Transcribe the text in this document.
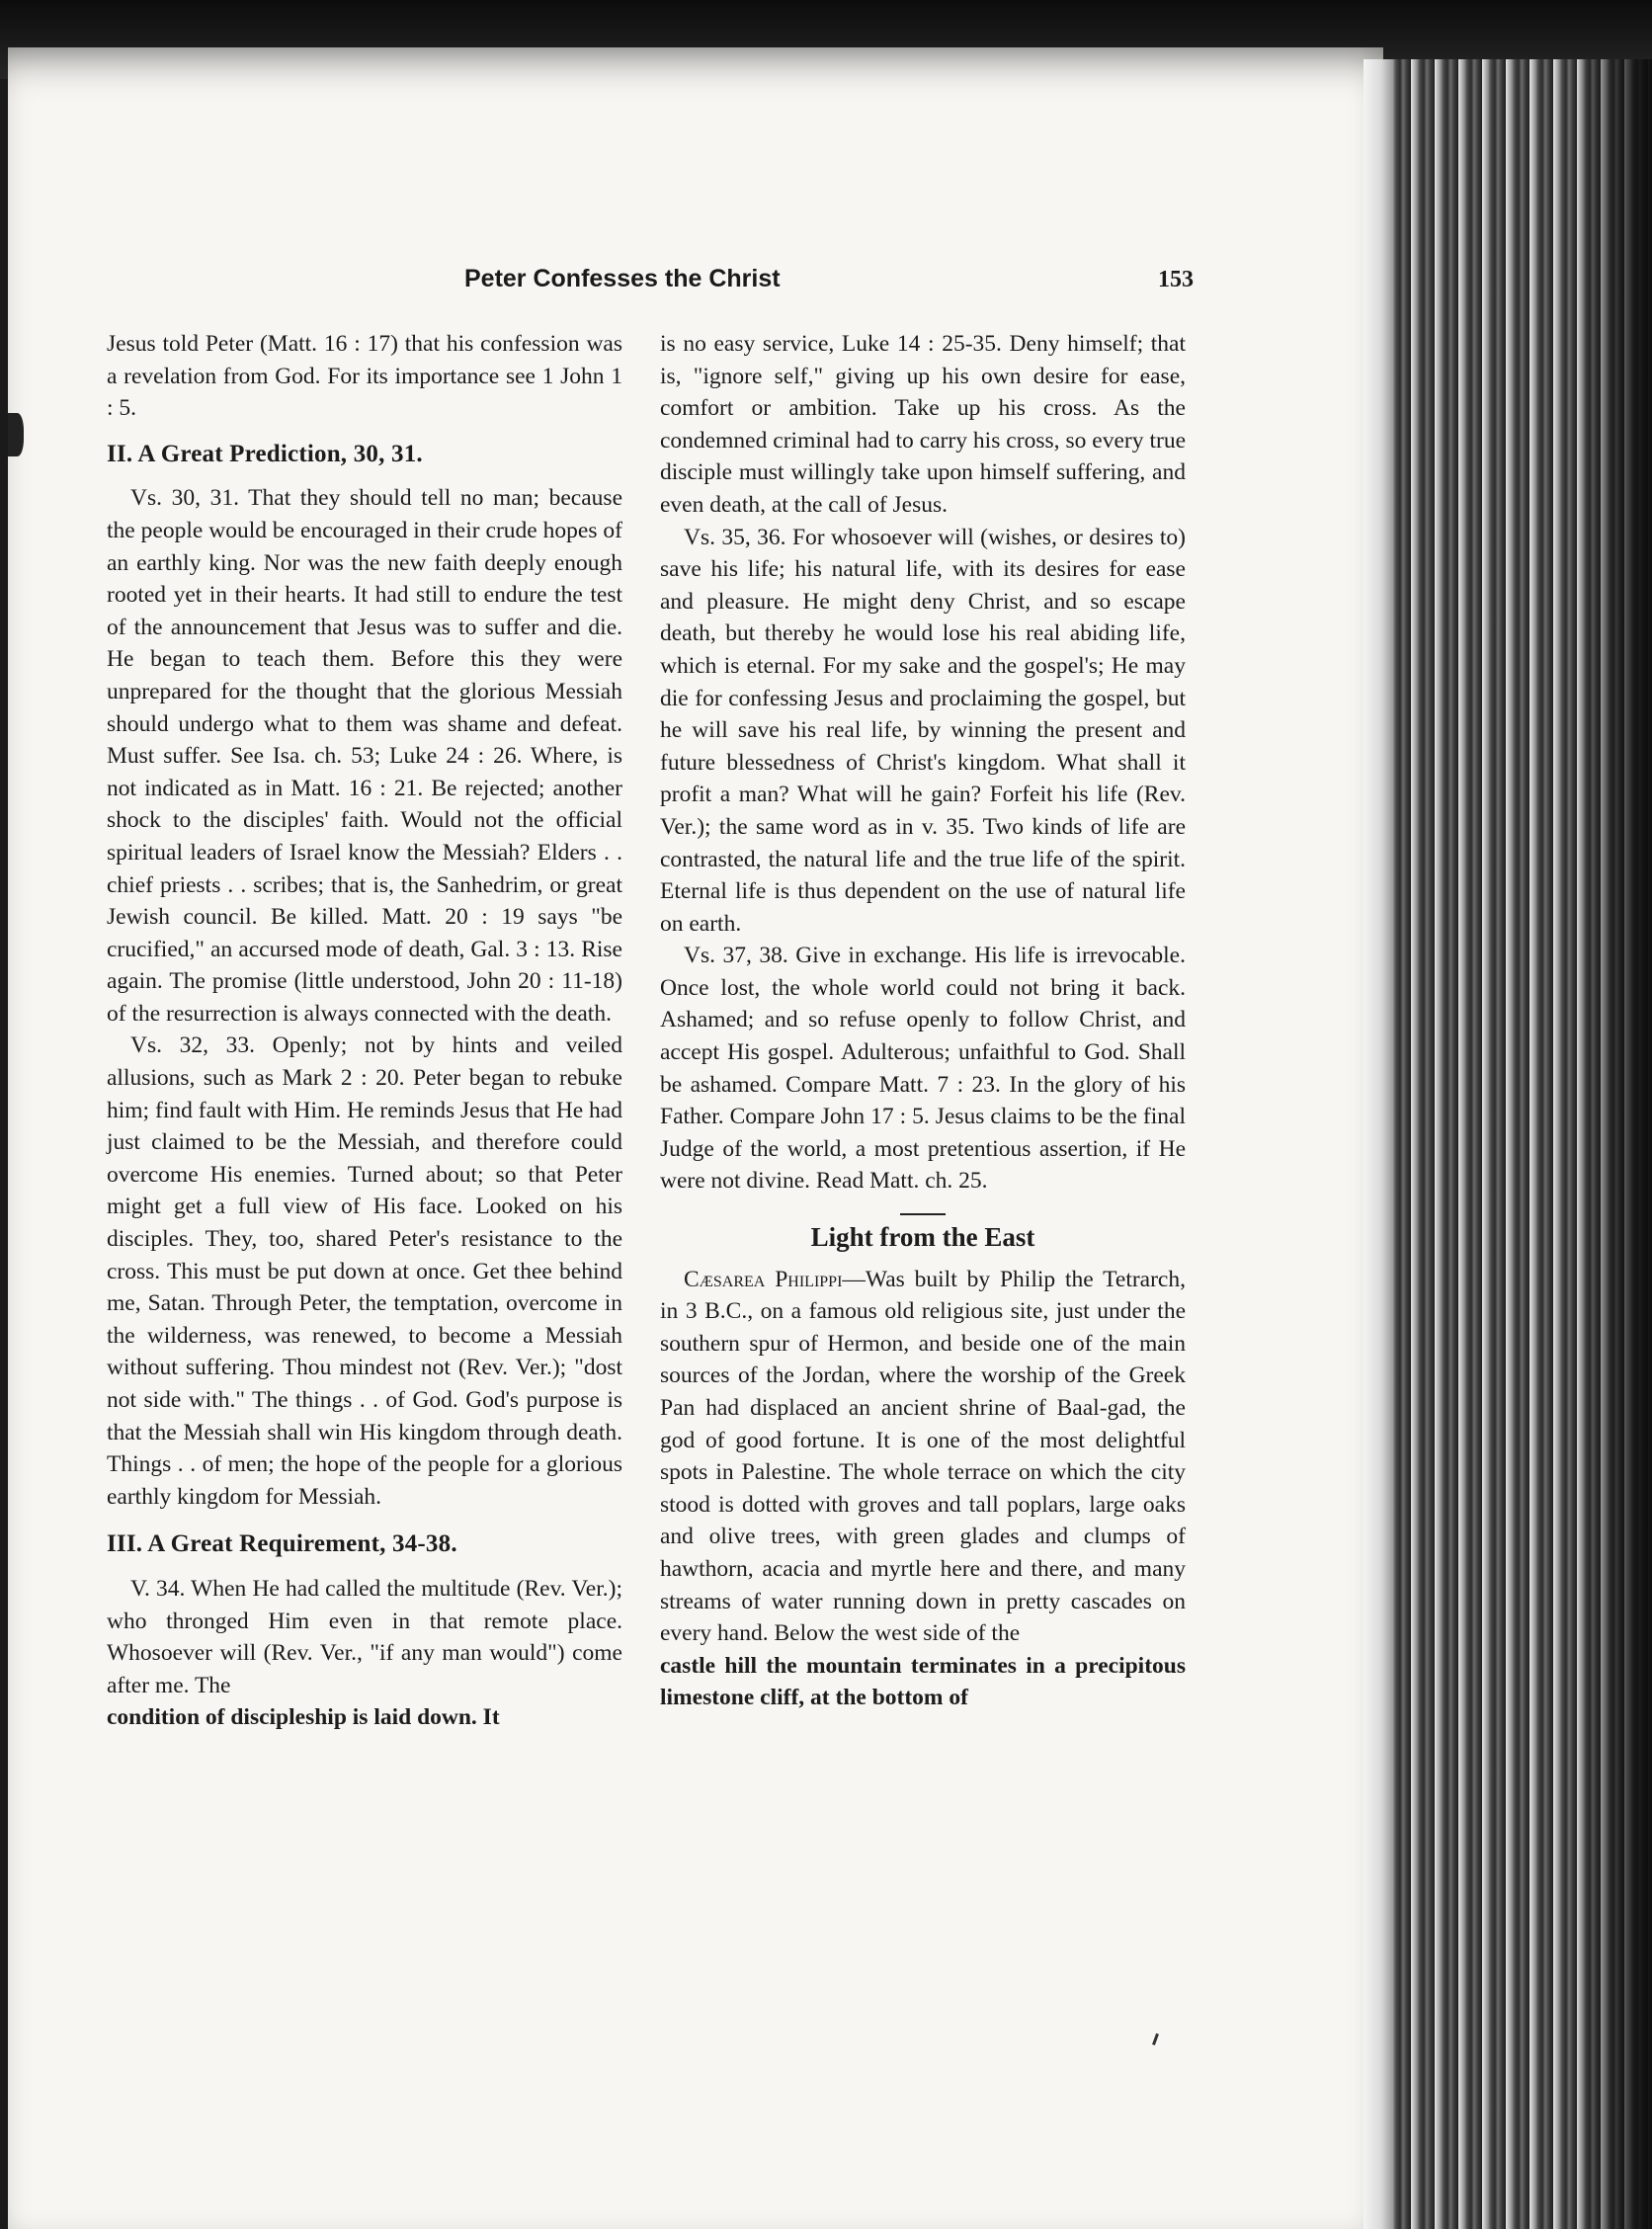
Peter Confesses the Christ	153

Jesus told Peter (Matt. 16 : 17) that his confession was a revelation from God. For its importance see 1 John 1 : 5.

II. A Great Prediction, 30, 31.

Vs. 30, 31. That they should tell no man; because the people would be encouraged in their crude hopes of an earthly king. Nor was the new faith deeply enough rooted yet in their hearts. It had still to endure the test of the announcement that Jesus was to suffer and die. He began to teach them. Before this they were unprepared for the thought that the glorious Messiah should undergo what to them was shame and defeat. Must suffer. See Isa. ch. 53; Luke 24 : 26. Where, is not indicated as in Matt. 16 : 21. Be rejected; another shock to the disciples' faith. Would not the official spiritual leaders of Israel know the Messiah? Elders . . chief priests . . scribes; that is, the Sanhedrim, or great Jewish council. Be killed. Matt. 20 : 19 says "be crucified," an accursed mode of death, Gal. 3 : 13. Rise again. The promise (little understood, John 20 : 11-18) of the resurrection is always connected with the death.

Vs. 32, 33. Openly; not by hints and veiled allusions, such as Mark 2 : 20. Peter began to rebuke him; find fault with Him. He reminds Jesus that He had just claimed to be the Messiah, and therefore could overcome His enemies. Turned about; so that Peter might get a full view of His face. Looked on his disciples. They, too, shared Peter's resistance to the cross. This must be put down at once. Get thee behind me, Satan. Through Peter, the temptation, overcome in the wilderness, was renewed, to become a Messiah without suffering. Thou mindest not (Rev. Ver.); "dost not side with." The things . . of God. God's purpose is that the Messiah shall win His kingdom through death. Things . . of men; the hope of the people for a glorious earthly kingdom for Messiah.

III. A Great Requirement, 34-38.

V. 34. When He had called the multitude (Rev. Ver.); who thronged Him even in that remote place. Whosoever will (Rev. Ver., "if any man would") come after me. The

condition of discipleship is laid down. It

is no easy service, Luke 14 : 25-35. Deny himself; that is, "ignore self," giving up his own desire for ease, comfort or ambition. Take up his cross. As the condemned criminal had to carry his cross, so every true disciple must willingly take upon himself suffering, and even death, at the call of Jesus.

Vs. 35, 36. For whosoever will (wishes, or desires to) save his life; his natural life, with its desires for ease and pleasure. He might deny Christ, and so escape death, but thereby he would lose his real abiding life, which is eternal. For my sake and the gospel's; He may die for confessing Jesus and proclaiming the gospel, but he will save his real life, by winning the present and future blessedness of Christ's kingdom. What shall it profit a man? What will he gain? Forfeit his life (Rev. Ver.); the same word as in v. 35. Two kinds of life are contrasted, the natural life and the true life of the spirit. Eternal life is thus dependent on the use of natural life on earth.

Vs. 37, 38. Give in exchange. His life is irrevocable. Once lost, the whole world could not bring it back. Ashamed; and so refuse openly to follow Christ, and accept His gospel. Adulterous; unfaithful to God. Shall be ashamed. Compare Matt. 7 : 23. In the glory of his Father. Compare John 17 : 5. Jesus claims to be the final Judge of the world, a most pretentious assertion, if He were not divine. Read Matt. ch. 25.

Light from the East

Cæsarea Philippi—Was built by Philip the Tetrarch, in 3 B.C., on a famous old religious site, just under the southern spur of Hermon, and beside one of the main sources of the Jordan, where the worship of the Greek Pan had displaced an ancient shrine of Baal-gad, the god of good fortune. It is one of the most delightful spots in Palestine. The whole terrace on which the city stood is dotted with groves and tall poplars, large oaks and olive trees, with green glades and clumps of hawthorn, acacia and myrtle here and there, and many streams of water running down in pretty cascades on every hand. Below the west side of the

castle hill the mountain terminates in a precipitous limestone cliff, at the bottom of
